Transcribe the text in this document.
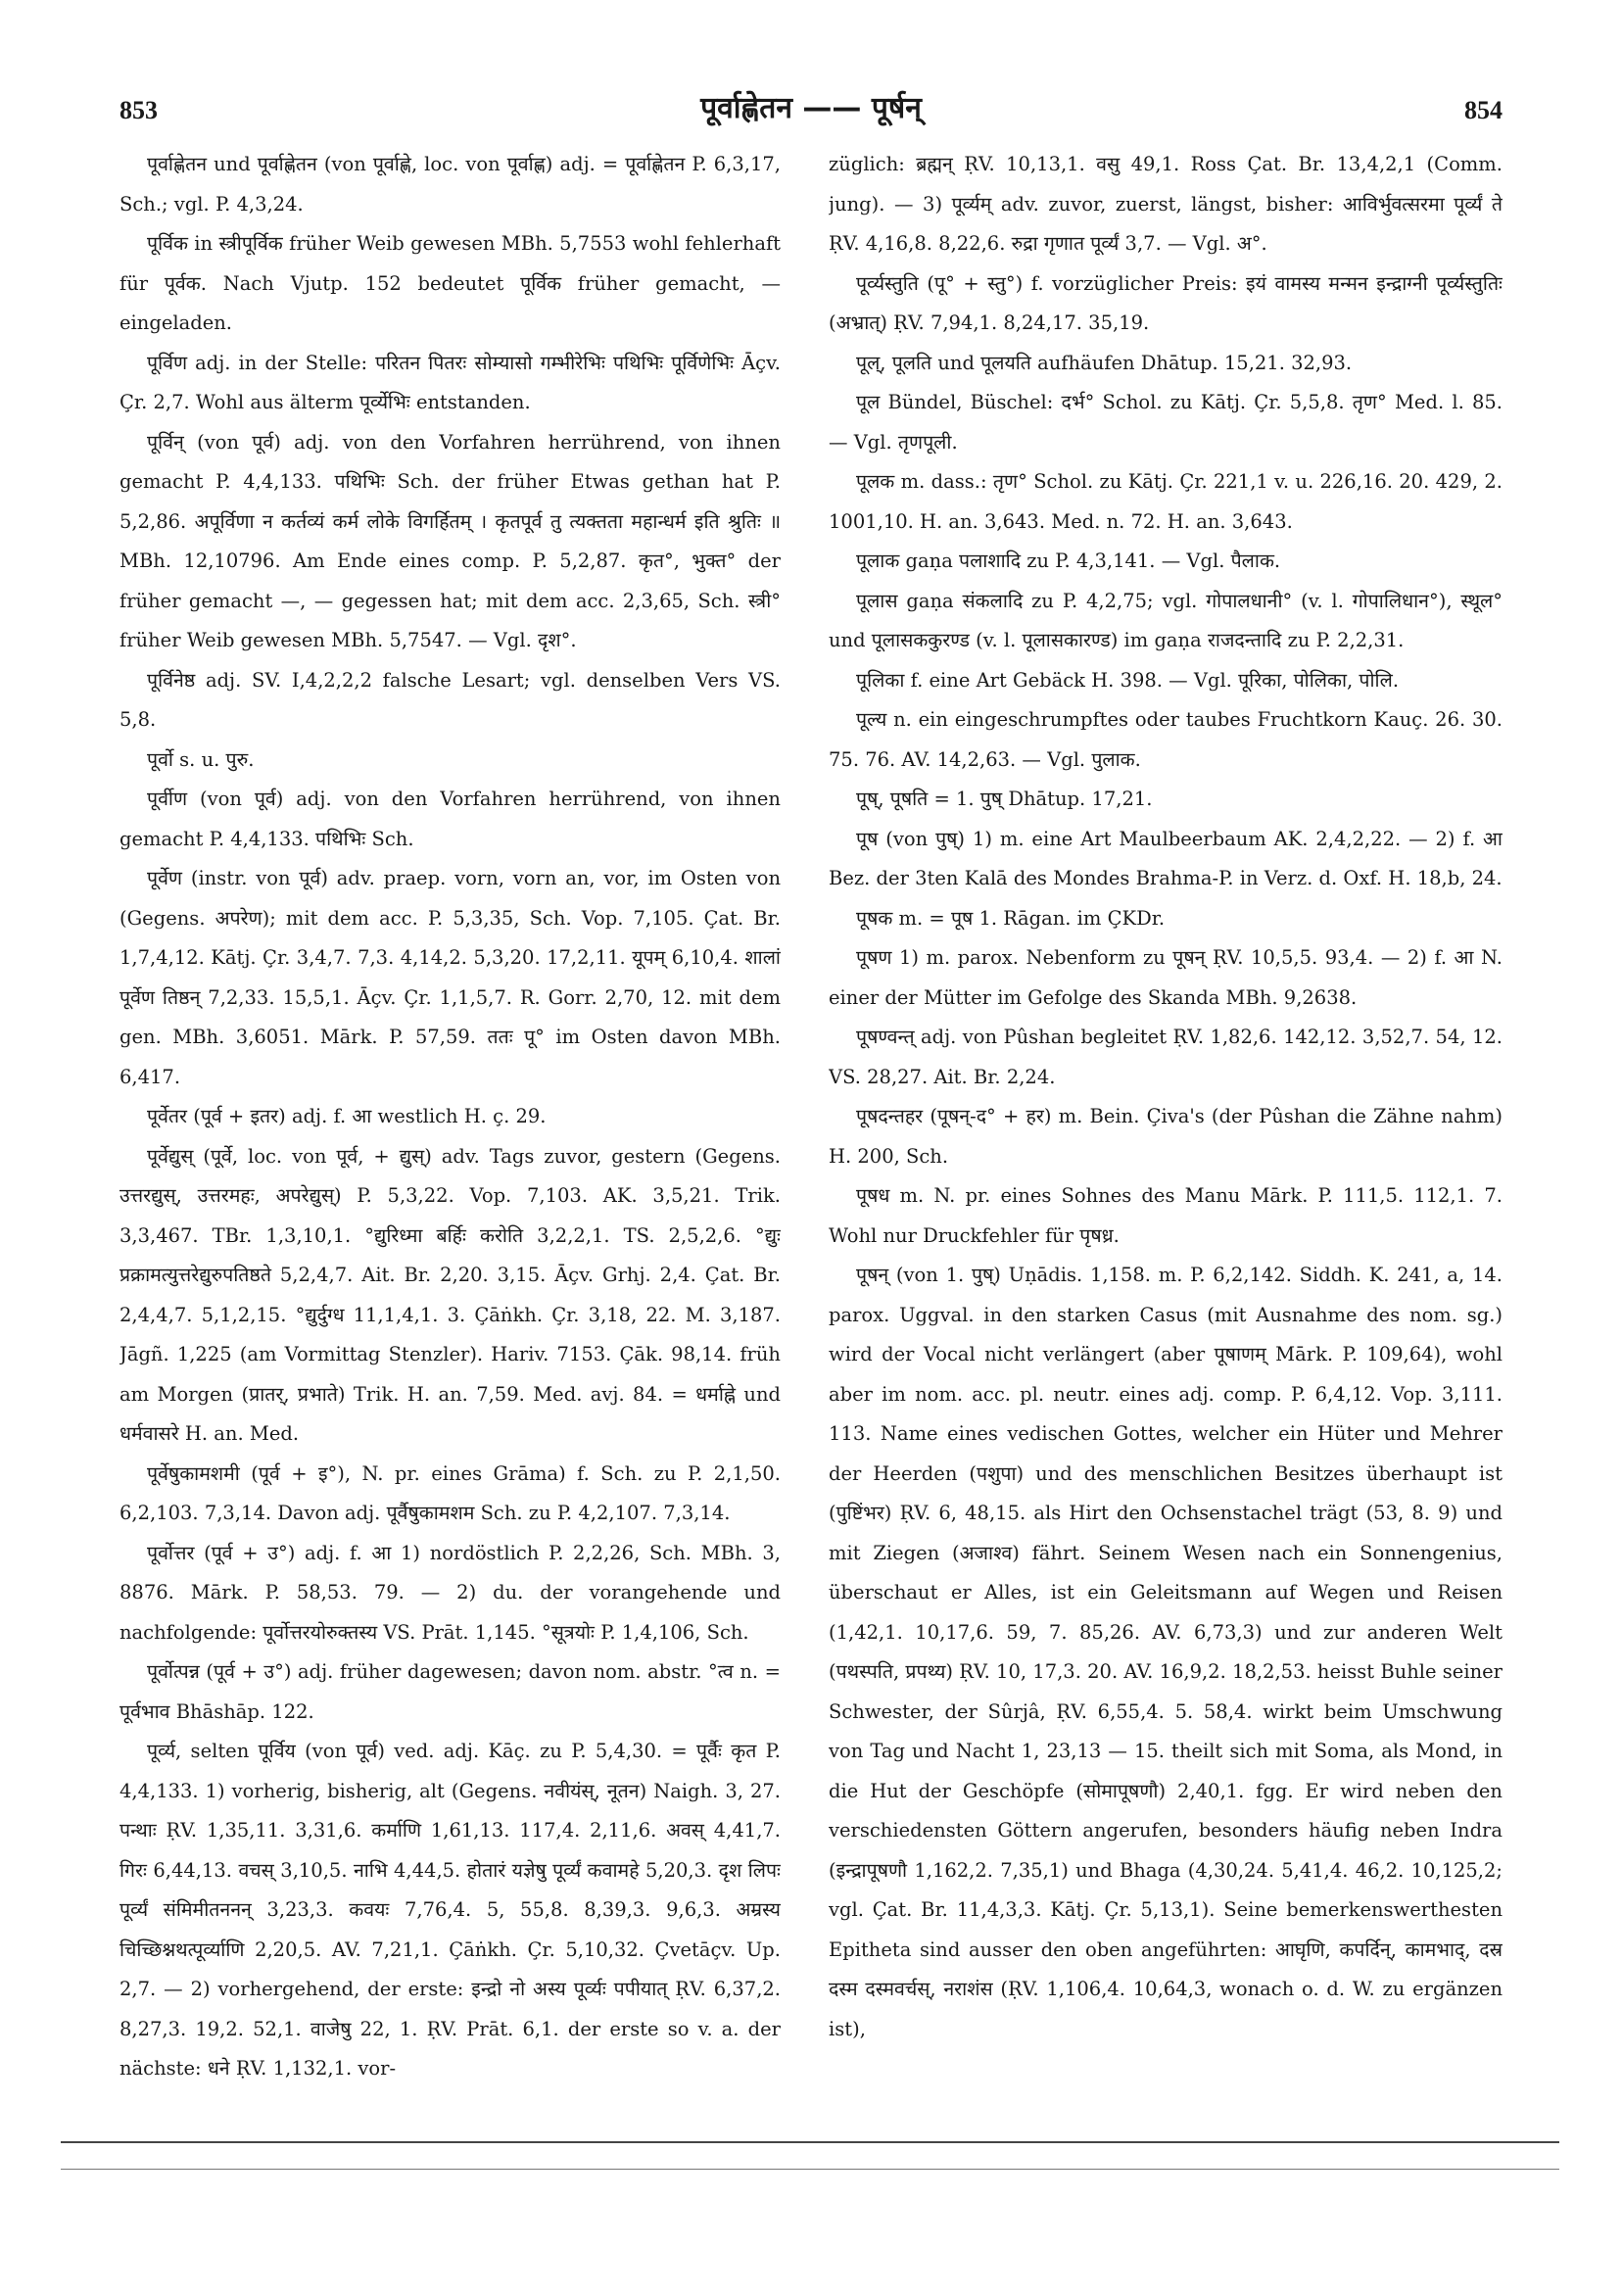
853	पूर्वाह्णेतन —— पूर्षन्	854

पूर्वाह्णेतन und पूर्वाह्णेतन (von पूर्वाह्णे, loc. von पूर्वाह्ण) adj. = पूर्वाह्णेतन P. 6,3,17, Sch.; vgl. P. 4,3,24.

पूर्विक in स्त्रीपूर्विक früher Weib gewesen MBh. 5,7553 wohl fehlerhaft für पूर्वक. Nach Vjutp. 152 bedeutet पूर्विक früher gemacht, — eingeladen.

पूर्विण adj. in der Stelle: परितन पितरः सोम्यासो गम्भीरेभिः पथिभिः पूर्विणेभिः Āçv. Çr. 2,7. Wohl aus älterm पूर्व्येभिः entstanden.

पूर्विन् (von पूर्व) adj. von den Vorfahren herrührend, von ihnen gemacht P. 4,4,133. पथिभिः Sch. der früher Etwas gethan hat P. 5,2,86. अपूर्विणा न कर्तव्यं कर्म लोके विगर्हितम् । कृतपूर्व तु त्यक्तता महान्धर्म इति श्रुतिः ॥ MBh. 12,10796. Am Ende eines comp. P. 5,2,87. कृत°, भुक्त° der früher gemacht —, — gegessen hat; mit dem acc. 2,3,65, Sch. स्त्री° früher Weib gewesen MBh. 5,7547. — Vgl. दृश°.

पूर्विनेष्ठ adj. SV. I,4,2,2,2 falsche Lesart; vgl. denselben Vers VS. 5,8.

पूर्वो s. u. पुरु.

पूर्वीण (von पूर्व) adj. von den Vorfahren herrührend, von ihnen gemacht P. 4,4,133. पथिभिः Sch.

पूर्वेण (instr. von पूर्व) adv. praep. vorn, vorn an, vor, im Osten von (Gegens. अपरेण); mit dem acc. P. 5,3,35, Sch. Vop. 7,105. Çat. Br. 1,7,4,12. Kātj. Çr. 3,4,7. 7,3. 4,14,2. 5,3,20. 17,2,11. यूपम् 6,10,4. शालां पूर्वेण तिष्ठन् 7,2,33. 15,5,1. Āçv. Çr. 1,1,5,7. R. Gorr. 2,70, 12. mit dem gen. MBh. 3,6051. Mārk. P. 57,59. ततः पू° im Osten davon MBh. 6,417.

पूर्वेतर (पूर्व + इतर) adj. f. आ westlich H. ç. 29.

पूर्वेद्युस् (पूर्वे, loc. von पूर्व, + द्युस्) adv. Tags zuvor, gestern (Gegens. उत्तरद्युस्, उत्तरमहः, अपरेद्युस्) P. 5,3,22. Vop. 7,103. AK. 3,5,21. Trik. 3,3,467. TBr. 1,3,10,1. °द्युरिध्मा बर्हिः करोति 3,2,2,1. TS. 2,5,2,6. °द्युः प्रक्रामत्युत्तरेद्युरुपतिष्ठते 5,2,4,7. Ait. Br. 2,20. 3,15. Āçv. Grhj. 2,4. Çat. Br. 2,4,4,7. 5,1,2,15. °द्युर्दुग्ध 11,1,4,1. 3. Çāṅkh. Çr. 3,18, 22. M. 3,187. Jāgñ. 1,225 (am Vormittag Stenzler). Hariv. 7153. Çāk. 98,14. früh am Morgen (प्रातर्, प्रभाते) Trik. H. an. 7,59. Med. avj. 84. = धर्माह्ने und धर्मवासरे H. an. Med.

पूर्वेषुकामशमी (पूर्व + इ°), N. pr. eines Grāma) f. Sch. zu P. 2,1,50. 6,2,103. 7,3,14. Davon adj. पूर्वैषुकामशम Sch. zu P. 4,2,107. 7,3,14.

पूर्वोत्तर (पूर्व + उ°) adj. f. आ 1) nordöstlich P. 2,2,26, Sch. MBh. 3, 8876. Mārk. P. 58,53. 79. — 2) du. der vorangehende und nachfolgende: पूर्वोत्तरयोरुक्तस्य VS. Prāt. 1,145. °सूत्रयोः P. 1,4,106, Sch.

पूर्वोत्पन्न (पूर्व + उ°) adj. früher dagewesen; davon nom. abstr. °त्व n. = पूर्वभाव Bhāshāp. 122.

पूर्व्य, selten पूर्विय (von पूर्व) ved. adj. Kāç. zu P. 5,4,30. = पूर्वैः कृत P. 4,4,133. 1) vorherig, bisherig, alt (Gegens. नवीयंस्, नूतन) Naigh. 3, 27. पन्थाः ṚV. 1,35,11. 3,31,6. कर्माणि 1,61,13. 117,4. 2,11,6. अवस् 4,41,7. गिरः 6,44,13. वचस् 3,10,5. नाभि 4,44,5. होतारं यज्ञेषु पूर्व्यं कवामहे 5,20,3. दृश लिपः पूर्व्यं संमिमीतननन् 3,23,3. कवयः 7,76,4. 5, 55,8. 8,39,3. 9,6,3. अम्रस्य चिच्छिश्नथत्पूर्व्याणि 2,20,5. AV. 7,21,1. Çāṅkh. Çr. 5,10,32. Çvetāçv. Up. 2,7. — 2) vorhergehend, der erste: इन्द्रो नो अस्य पूर्व्यः पपीयात् ṚV. 6,37,2. 8,27,3. 19,2. 52,1. वाजेषु 22, 1. ṚV. Prāt. 6,1. der erste so v. a. der nächste: धने ṚV. 1,132,1. vor-

züglich: ब्रह्मन् ṚV. 10,13,1. वसु 49,1. Ross Çat. Br. 13,4,2,1 (Comm. jung). — 3) पूर्व्यम् adv. zuvor, zuerst, längst, bisher: आविर्भुवत्सरमा पूर्व्यं ते ṚV. 4,16,8. 8,22,6. रुद्रा गृणात पूर्व्यं 3,7. — Vgl. अ°.

पूर्व्यस्तुति (पू° + स्तु°) f. vorzüglicher Preis: इयं वामस्य मन्मन इन्द्राग्नी पूर्व्यस्तुतिः (अभ्रात्) ṚV. 7,94,1. 8,24,17. 35,19.

पूल्, पूलति und पूलयति aufhäufen Dhātup. 15,21. 32,93.

पूल Bündel, Büschel: दर्भ° Schol. zu Kātj. Çr. 5,5,8. तृण° Med. l. 85. — Vgl. तृणपूली.

पूलक m. dass.: तृण° Schol. zu Kātj. Çr. 221,1 v. u. 226,16. 20. 429, 2. 1001,10. H. an. 3,643. Med. n. 72. H. an. 3,643.

पूलाक gaṇa पलाशादि zu P. 4,3,141. — Vgl. पैलाक.

पूलास gaṇa संकलादि zu P. 4,2,75; vgl. गोपालधानी° (v. l. गोपालिधान°), स्थूल° und पूलासककुरण्ड (v. l. पूलासकारण्ड) im gaṇa राजदन्तादि zu P. 2,2,31.

पूलिका f. eine Art Gebäck H. 398. — Vgl. पूरिका, पोलिका, पोलि.

पूल्य n. ein eingeschrumpftes oder taubes Fruchtkorn Kauç. 26. 30. 75. 76. AV. 14,2,63. — Vgl. पुलाक.

पूष्, पूषति = 1. पुष् Dhātup. 17,21.

पूष (von पुष्) 1) m. eine Art Maulbeerbaum AK. 2,4,2,22. — 2) f. आ Bez. der 3ten Kalā des Mondes Brahma-P. in Verz. d. Oxf. H. 18,b, 24.

पूषक m. = पूष 1. Rāgan. im ÇKDr.

पूषण 1) m. parox. Nebenform zu पूषन् ṚV. 10,5,5. 93,4. — 2) f. आ N. einer der Mütter im Gefolge des Skanda MBh. 9,2638.

पूषण्वन्त् adj. von Pûshan begleitet ṚV. 1,82,6. 142,12. 3,52,7. 54, 12. VS. 28,27. Ait. Br. 2,24.

पूषदन्तहर (पूषन्-द° + हर) m. Bein. Çiva's (der Pûshan die Zähne nahm) H. 200, Sch.

पूषध m. N. pr. eines Sohnes des Manu Mārk. P. 111,5. 112,1. 7. Wohl nur Druckfehler für पृषध्र.

पूषन् (von 1. पुष्) Uṇādis. 1,158. m. P. 6,2,142. Siddh. K. 241, a, 14. parox. Uggval. in den starken Casus (mit Ausnahme des nom. sg.) wird der Vocal nicht verlängert (aber पूषाणम् Mārk. P. 109,64), wohl aber im nom. acc. pl. neutr. eines adj. comp. P. 6,4,12. Vop. 3,111. 113. Name eines vedischen Gottes, welcher ein Hüter und Mehrer der Heerden (पशुपा) und des menschlichen Besitzes überhaupt ist (पुष्टिंभर) ṚV. 6, 48,15. als Hirt den Ochsenstachel trägt (53, 8. 9) und mit Ziegen (अजाश्व) fährt. Seinem Wesen nach ein Sonnengenius, überschaut er Alles, ist ein Geleitsmann auf Wegen und Reisen (1,42,1. 10,17,6. 59, 7. 85,26. AV. 6,73,3) und zur anderen Welt (पथस्पति, प्रपथ्य) ṚV. 10, 17,3. 20. AV. 16,9,2. 18,2,53. heisst Buhle seiner Schwester, der Sûrjâ, ṚV. 6,55,4. 5. 58,4. wirkt beim Umschwung von Tag und Nacht 1, 23,13 — 15. theilt sich mit Soma, als Mond, in die Hut der Geschöpfe (सोमापूषणौ) 2,40,1. fgg. Er wird neben den verschiedensten Göttern angerufen, besonders häufig neben Indra (इन्द्रापूषणौ 1,162,2. 7,35,1) und Bhaga (4,30,24. 5,41,4. 46,2. 10,125,2; vgl. Çat. Br. 11,4,3,3. Kātj. Çr. 5,13,1). Seine bemerkenswerthesten Epitheta sind ausser den oben angeführten: आघृणि, कपर्दिन्, कामभाद्, दस्र दस्म दस्मवर्चस्, नराशंस (ṚV. 1,106,4. 10,64,3, wonach o. d. W. zu ergänzen ist),
